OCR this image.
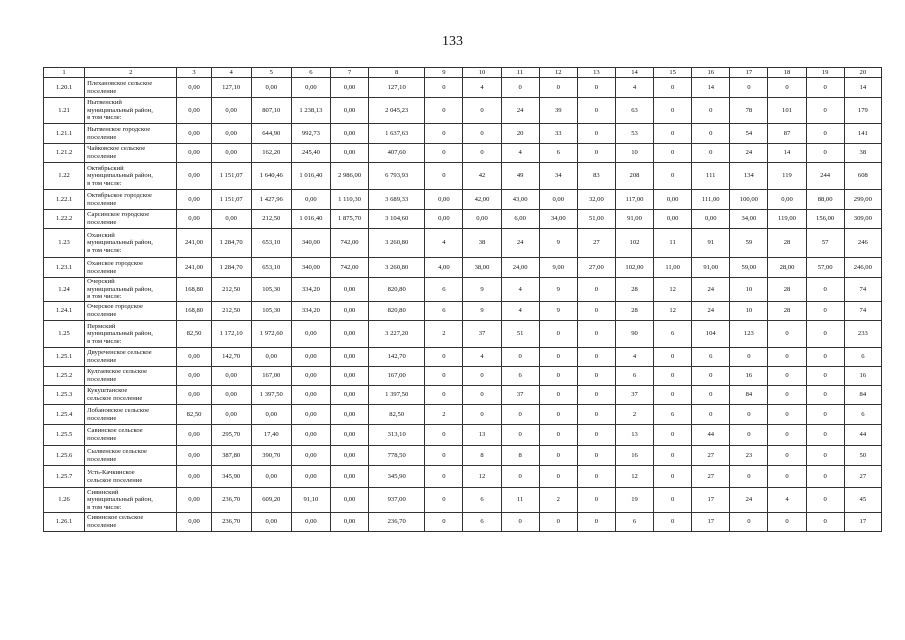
133
1	2	3	4	5	6	7	8	9	10	11	12	13	14	15	16	17	18	19	20
1.20.1	Плехановское сельское
поселение	0,00	127,10	0,00	0,00	0,00	127,10	0	4	0	0	0	4	0	14	0	0	0	14
1.21	Нытвенский
муниципальный район,
в том числе:	0,00	0,00	807,10	1 238,13	0,00	2 045,23	0	0	24	39	0	63	0	0	78	101	0	179
1.21.1	Нытвенское городское
поселение	0,00	0,00	644,90	992,73	0,00	1 637,63	0	0	20	33	0	53	0	0	54	87	0	141
1.21.2	Чайковское сельское
поселение	0,00	0,00	162,20	245,40	0,00	407,60	0	0	4	6	0	10	0	0	24	14	0	38
1.22	Октябрьский
муниципальный район,
в том числе:	0,00	1 151,07	1 640,46	1 016,40	2 986,00	6 793,93	0	42	49	34	83	208	0	111	134	119	244	608
1.22.1	Октябрьское городское
поселение	0,00	1 151,07	1 427,96	0,00	1 110,30	3 689,33	0,00	42,00	43,00	0,00	32,00	117,00	0,00	111,00	100,00	0,00	88,00	299,00
1.22.2	Сарсинское городское
поселение	0,00	0,00	212,50	1 016,40	1 875,70	3 104,60	0,00	0,00	6,00	34,00	51,00	91,00	0,00	0,00	34,00	119,00	156,00	309,00
1.23	Оханский
муниципальный район,
в том числе:	241,00	1 284,70	653,10	340,00	742,00	3 260,80	4	38	24	9	27	102	11	91	59	28	57	246
1.23.1	Оханское городское
поселение	241,00	1 284,70	653,10	340,00	742,00	3 260,80	4,00	38,00	24,00	9,00	27,00	102,00	11,00	91,00	59,00	28,00	57,00	246,00
1.24	Очерский
муниципальный район,
в том числе:	168,80	212,50	105,30	334,20	0,00	820,80	6	9	4	9	0	28	12	24	10	28	0	74
1.24.1	Очерское городское
поселение	168,80	212,50	105,30	334,20	0,00	820,80	6	9	4	9	0	28	12	24	10	28	0	74
1.25	Пермский
муниципальный район,
в том числе:	82,50	1 172,10	1 972,60	0,00	0,00	3 227,20	2	37	51	0	0	90	6	104	123	0	0	233
1.25.1	Двуреченское сельское
поселение	0,00	142,70	0,00	0,00	0,00	142,70	0	4	0	0	0	4	0	6	0	0	0	6
1.25.2	Кулгаевское сельское
поселение	0,00	0,00	167,00	0,00	0,00	167,00	0	0	6	0	0	6	0	0	16	0	0	16
1.25.3	Кукуштанское
сельское поселение	0,00	0,00	1 397,50	0,00	0,00	1 397,50	0	0	37	0	0	37	0	0	84	0	0	84
1.25.4	Лобановское сельское
поселение	82,50	0,00	0,00	0,00	0,00	82,50	2	0	0	0	0	2	6	0	0	0	0	6
1.25.5	Савинское сельское
поселение	0,00	295,70	17,40	0,00	0,00	313,10	0	13	0	0	0	13	0	44	0	0	0	44
1.25.6	Сылвенское сельское
поселение	0,00	387,80	390,70	0,00	0,00	778,50	0	8	8	0	0	16	0	27	23	0	0	50
1.25.7	Усть-Качкинское
сельское поселение	0,00	345,90	0,00	0,00	0,00	345,90	0	12	0	0	0	12	0	27	0	0	0	27
1.26	Сивинский
муниципальный район,
в том числе:	0,00	236,70	609,20	91,10	0,00	937,00	0	6	11	2	0	19	0	17	24	4	0	45
1.26.1	Сивинское сельское
поселение	0,00	236,70	0,00	0,00	0,00	236,70	0	6	0	0	0	6	0	17	0	0	0	17
